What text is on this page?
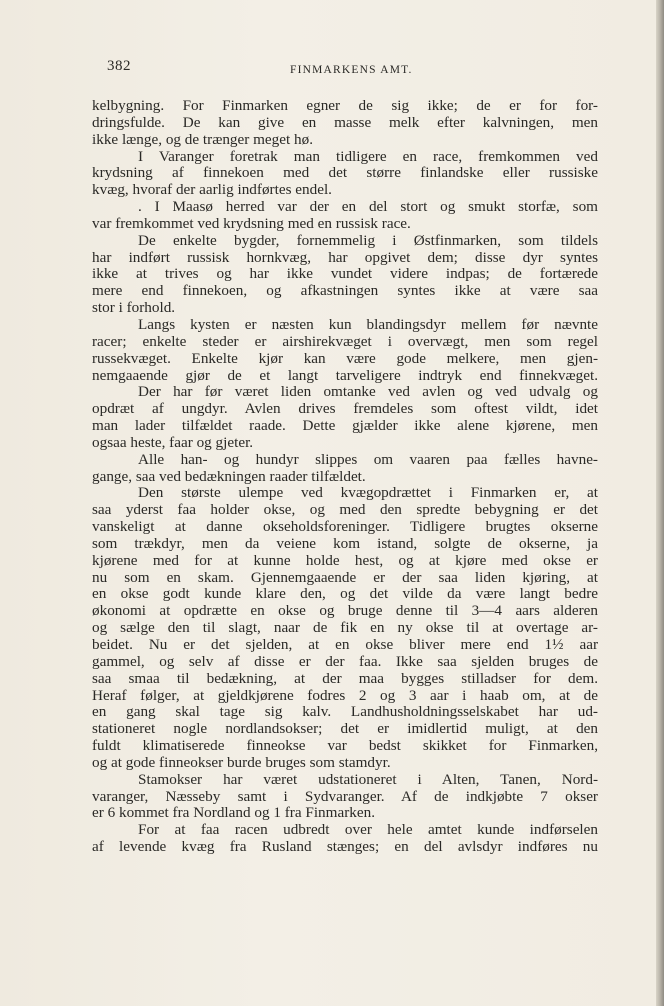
382	FINMARKENS AMT.
kelbygning. For Finmarken egner de sig ikke; de er for for-
dringsfulde. De kan give en masse melk efter kalvningen, men
ikke længe, og de trænger meget hø.
I Varanger foretrak man tidligere en race, fremkommen ved
krydsning af finnekoen med det større finlandske eller russiske
kvæg, hvoraf der aarlig indførtes endel.
. I Maasø herred var der en del stort og smukt storfæ, som
var fremkommet ved krydsning med en russisk race.
De enkelte bygder, fornemmelig i Østfinmarken, som tildels
har indført russisk hornkvæg, har opgivet dem; disse dyr syntes
ikke at trives og har ikke vundet videre indpas; de fortærede
mere end finnekoen, og afkastningen syntes ikke at være saa
stor i forhold.
Langs kysten er næsten kun blandingsdyr mellem før nævnte
racer; enkelte steder er airshirekvæget i overvægt, men som regel
russekvæget. Enkelte kjør kan være gode melkere, men gjen-
nemgaaende gjør de et langt tarveligere indtryk end finnekvæget.
Der har før været liden omtanke ved avlen og ved udvalg og
opdræt af ungdyr. Avlen drives fremdeles som oftest vildt, idet
man lader tilfældet raade. Dette gjælder ikke alene kjørene, men
ogsaa heste, faar og gjeter.
Alle han- og hundyr slippes om vaaren paa fælles havne-
gange, saa ved bedækningen raader tilfældet.
Den største ulempe ved kvægopdrættet i Finmarken er, at
saa yderst faa holder okse, og med den spredte bebygning er det
vanskeligt at danne okseholdsforeninger. Tidligere brugtes okserne
som trækdyr, men da veiene kom istand, solgte de okserne, ja
kjørene med for at kunne holde hest, og at kjøre med okse er
nu som en skam. Gjennemgaaende er der saa liden kjøring, at
en okse godt kunde klare den, og det vilde da være langt bedre
økonomi at opdrætte en okse og bruge denne til 3—4 aars alderen
og sælge den til slagt, naar de fik en ny okse til at overtage ar-
beidet. Nu er det sjelden, at en okse bliver mere end 1½ aar
gammel, og selv af disse er der faa. Ikke saa sjelden bruges de
saa smaa til bedækning, at der maa bygges stilladser for dem.
Heraf følger, at gjeldkjørene fodres 2 og 3 aar i haab om, at de
en gang skal tage sig kalv. Landhusholdningsselskabet har ud-
stationeret nogle nordlandsokser; det er imidlertid muligt, at den
fuldt klimatiserede finneokse var bedst skikket for Finmarken,
og at gode finneokser burde bruges som stamdyr.
Stamokser har været udstationeret i Alten, Tanen, Nord-
varanger, Næsseby samt i Sydvaranger. Af de indkjøbte 7 okser
er 6 kommet fra Nordland og 1 fra Finmarken.
For at faa racen udbredt over hele amtet kunde indførselen
af levende kvæg fra Rusland stænges; en del avlsdyr indføres nu
